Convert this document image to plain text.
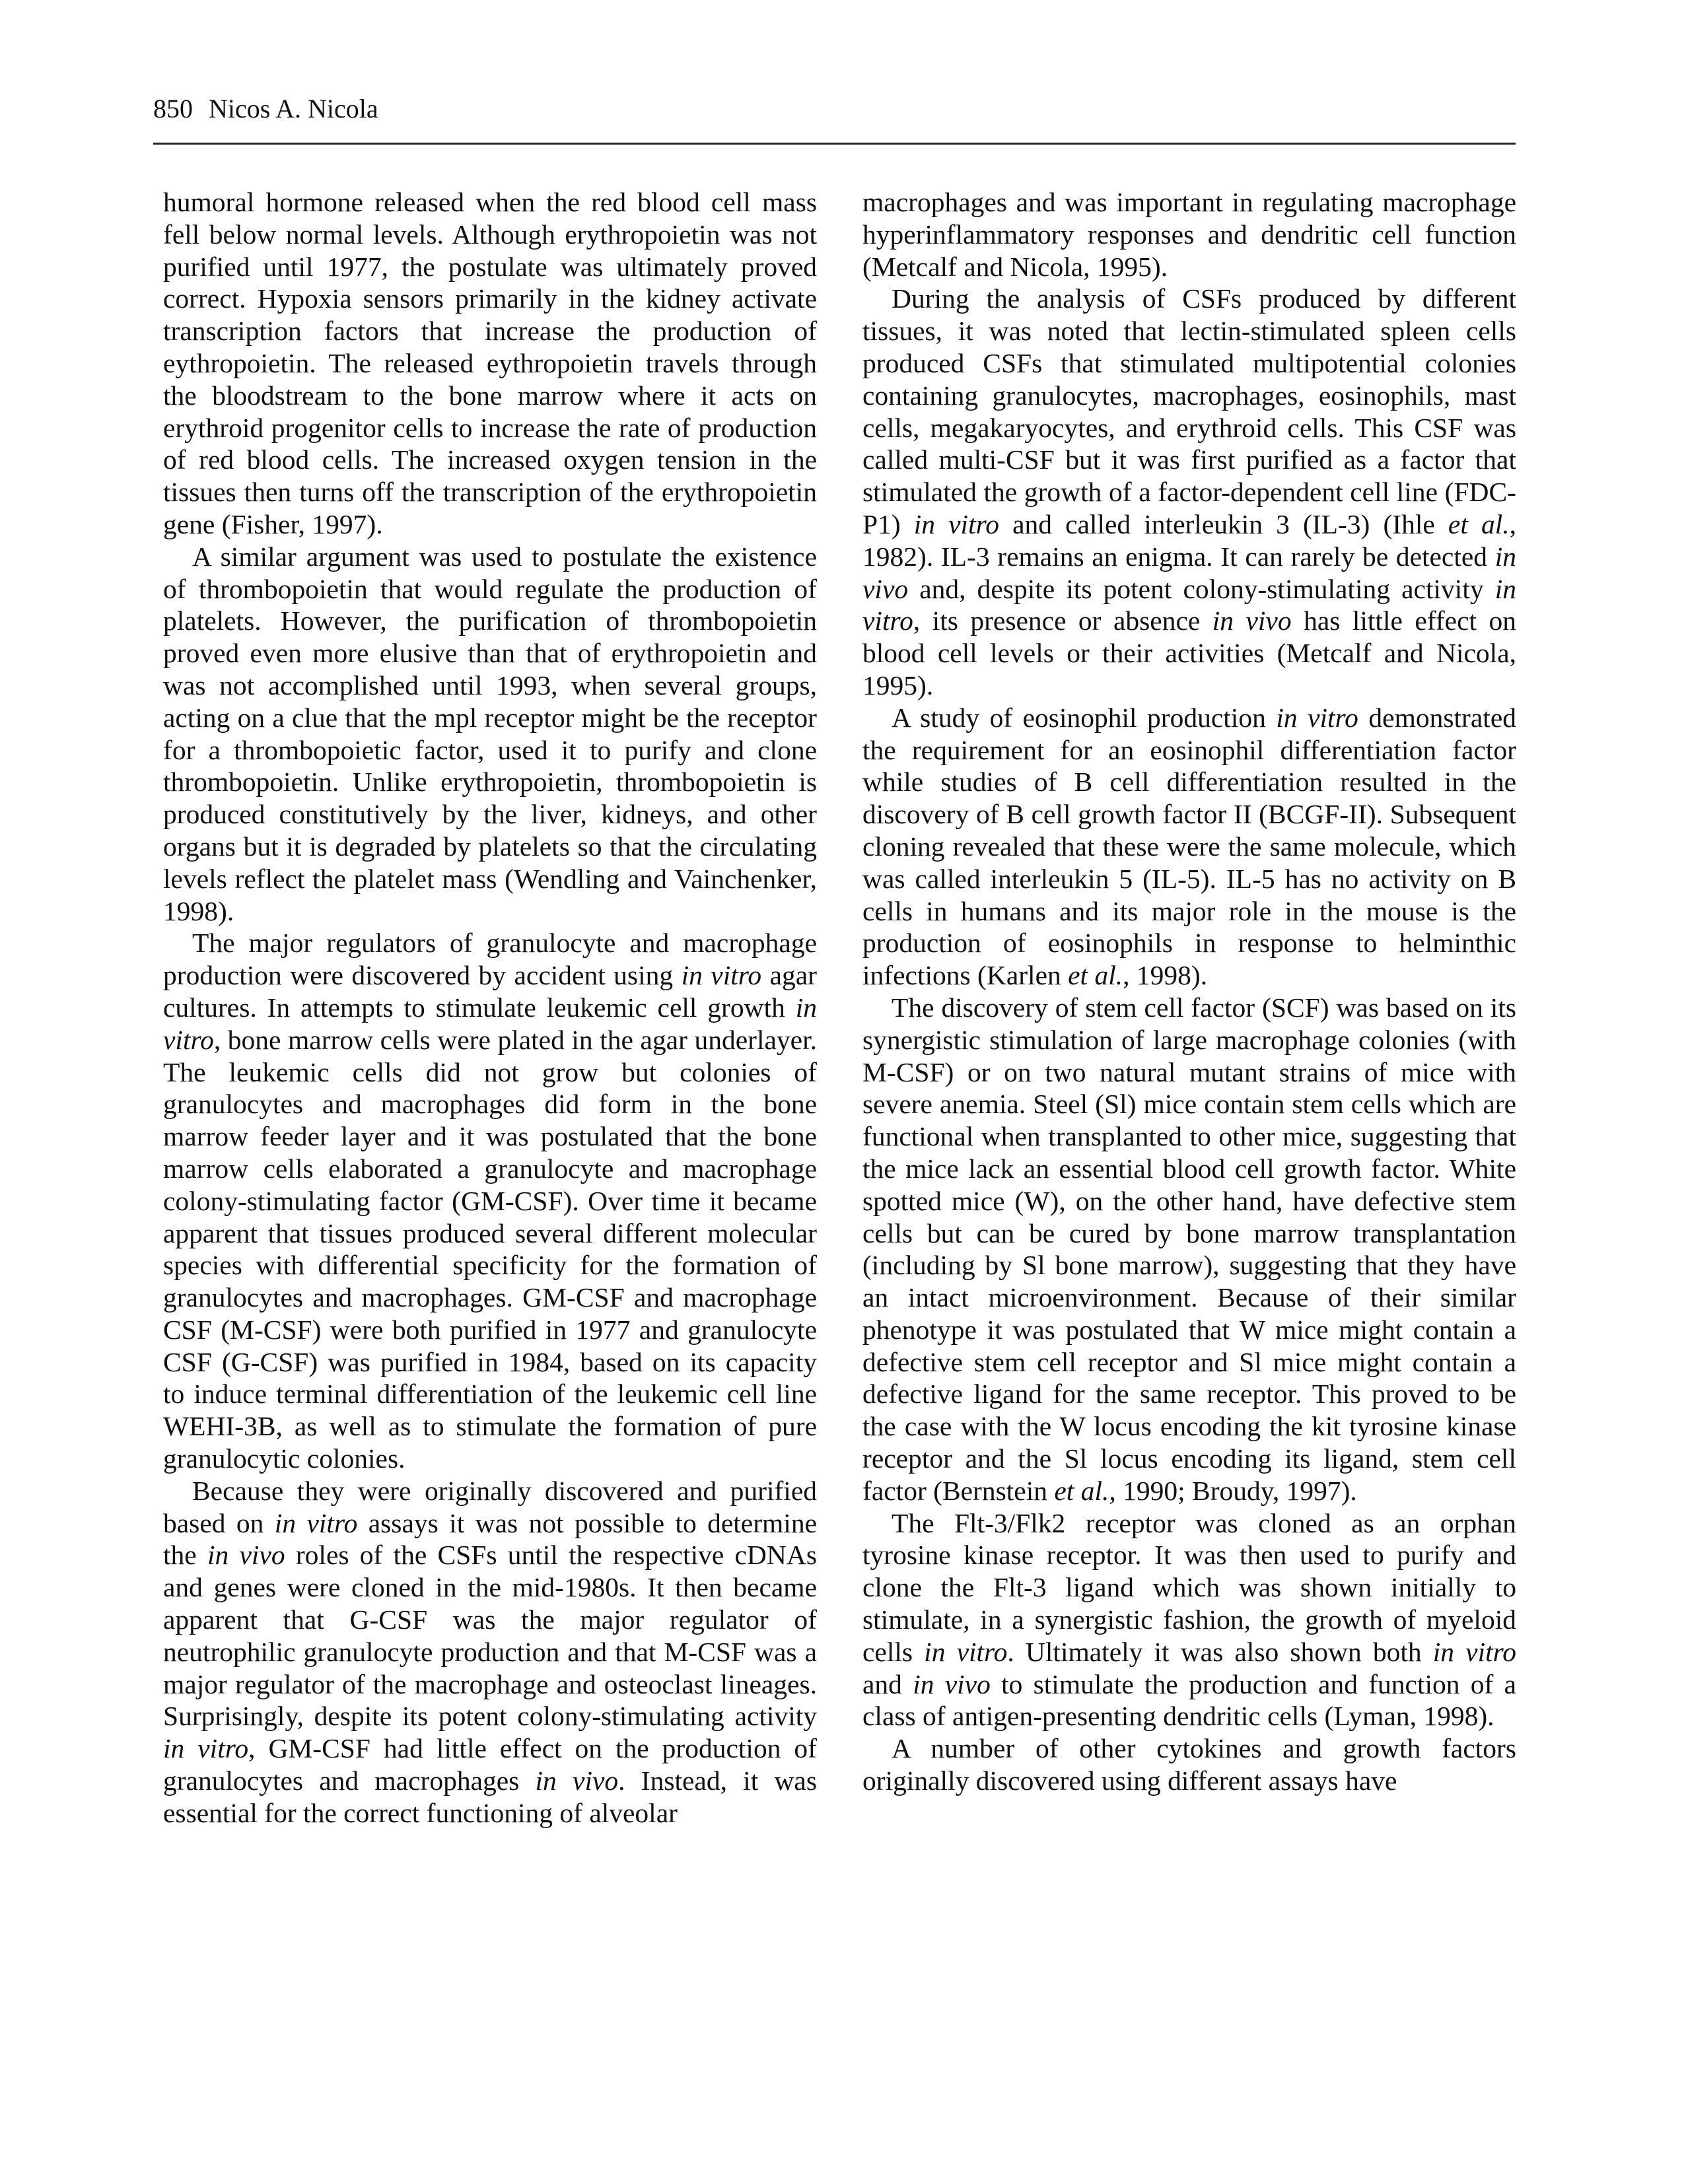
850 Nicos A. Nicola

humoral hormone released when the red blood cell mass fell below normal levels. Although erythropoietin was not purified until 1977, the postulate was ultimately proved correct. Hypoxia sensors primarily in the kidney activate transcription factors that increase the production of eythropoietin. The released eythropoietin travels through the bloodstream to the bone marrow where it acts on erythroid progenitor cells to increase the rate of production of red blood cells. The increased oxygen tension in the tissues then turns off the transcription of the erythropoietin gene (Fisher, 1997).

A similar argument was used to postulate the existence of thrombopoietin that would regulate the production of platelets. However, the purification of thrombopoietin proved even more elusive than that of erythropoietin and was not accomplished until 1993, when several groups, acting on a clue that the mpl receptor might be the receptor for a thrombopoietic factor, used it to purify and clone thrombopoietin. Unlike erythropoietin, thrombopoietin is produced constitutively by the liver, kidneys, and other organs but it is degraded by platelets so that the circulating levels reflect the platelet mass (Wendling and Vainchenker, 1998).

The major regulators of granulocyte and macrophage production were discovered by accident using in vitro agar cultures. In attempts to stimulate leukemic cell growth in vitro, bone marrow cells were plated in the agar underlayer. The leukemic cells did not grow but colonies of granulocytes and macrophages did form in the bone marrow feeder layer and it was postulated that the bone marrow cells elaborated a granulocyte and macrophage colony-stimulating factor (GM-CSF). Over time it became apparent that tissues produced several different molecular species with differential specificity for the formation of granulocytes and macrophages. GM-CSF and macrophage CSF (M-CSF) were both purified in 1977 and granulocyte CSF (G-CSF) was purified in 1984, based on its capacity to induce terminal differentiation of the leukemic cell line WEHI-3B, as well as to stimulate the formation of pure granulocytic colonies.

Because they were originally discovered and purified based on in vitro assays it was not possible to determine the in vivo roles of the CSFs until the respective cDNAs and genes were cloned in the mid-1980s. It then became apparent that G-CSF was the major regulator of neutrophilic granulocyte production and that M-CSF was a major regulator of the macrophage and osteoclast lineages. Surprisingly, despite its potent colony-stimulating activity in vitro, GM-CSF had little effect on the production of granulocytes and macrophages in vivo. Instead, it was essential for the correct functioning of alveolar

macrophages and was important in regulating macrophage hyperinflammatory responses and dendritic cell function (Metcalf and Nicola, 1995).

During the analysis of CSFs produced by different tissues, it was noted that lectin-stimulated spleen cells produced CSFs that stimulated multipotential colonies containing granulocytes, macrophages, eosinophils, mast cells, megakaryocytes, and erythroid cells. This CSF was called multi-CSF but it was first purified as a factor that stimulated the growth of a factor-dependent cell line (FDC-P1) in vitro and called interleukin 3 (IL-3) (Ihle et al., 1982). IL-3 remains an enigma. It can rarely be detected in vivo and, despite its potent colony-stimulating activity in vitro, its presence or absence in vivo has little effect on blood cell levels or their activities (Metcalf and Nicola, 1995).

A study of eosinophil production in vitro demonstrated the requirement for an eosinophil differentiation factor while studies of B cell differentiation resulted in the discovery of B cell growth factor II (BCGF-II). Subsequent cloning revealed that these were the same molecule, which was called interleukin 5 (IL-5). IL-5 has no activity on B cells in humans and its major role in the mouse is the production of eosinophils in response to helminthic infections (Karlen et al., 1998).

The discovery of stem cell factor (SCF) was based on its synergistic stimulation of large macrophage colonies (with M-CSF) or on two natural mutant strains of mice with severe anemia. Steel (Sl) mice contain stem cells which are functional when transplanted to other mice, suggesting that the mice lack an essential blood cell growth factor. White spotted mice (W), on the other hand, have defective stem cells but can be cured by bone marrow transplantation (including by Sl bone marrow), suggesting that they have an intact microenvironment. Because of their similar phenotype it was postulated that W mice might contain a defective stem cell receptor and Sl mice might contain a defective ligand for the same receptor. This proved to be the case with the W locus encoding the kit tyrosine kinase receptor and the Sl locus encoding its ligand, stem cell factor (Bernstein et al., 1990; Broudy, 1997).

The Flt-3/Flk2 receptor was cloned as an orphan tyrosine kinase receptor. It was then used to purify and clone the Flt-3 ligand which was shown initially to stimulate, in a synergistic fashion, the growth of myeloid cells in vitro. Ultimately it was also shown both in vitro and in vivo to stimulate the production and function of a class of antigen-presenting dendritic cells (Lyman, 1998).

A number of other cytokines and growth factors originally discovered using different assays have
